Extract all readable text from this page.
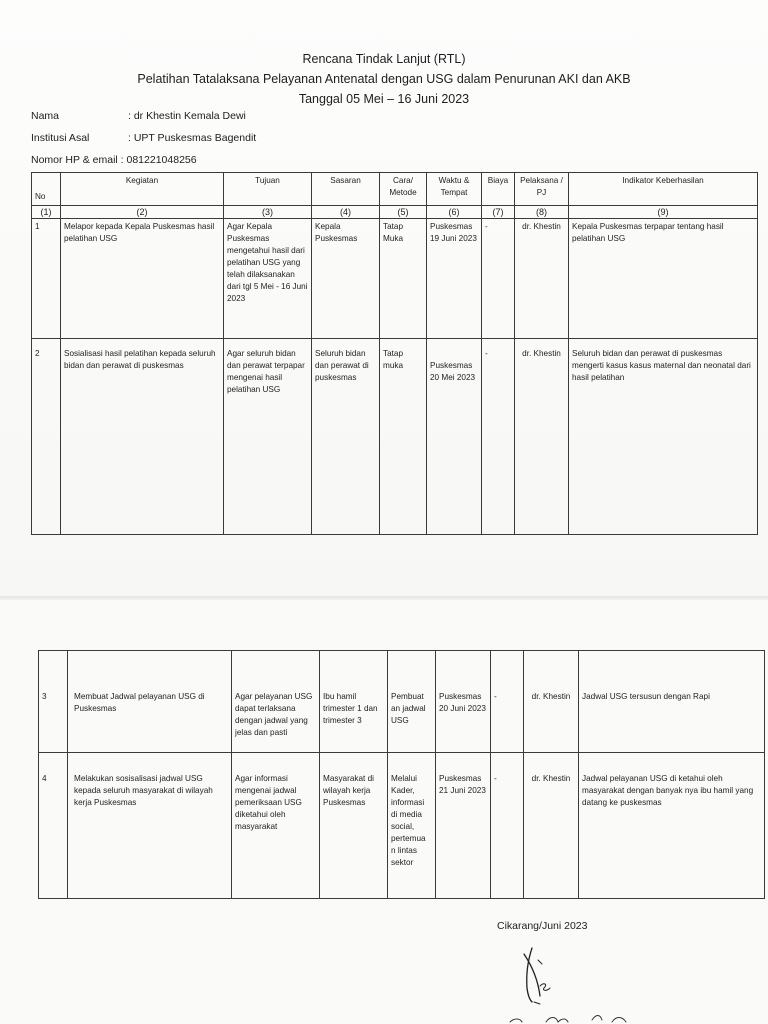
Rencana Tindak Lanjut (RTL)
Pelatihan Tatalaksana Pelayanan Antenatal dengan USG dalam Penurunan AKI dan AKB
Tanggal 05 Mei – 16 Juni 2023
Nama	: dr Khestin Kemala Dewi
Institusi Asal	: UPT Puskesmas Bagendit
Nomor HP & email : 081221048256
No	Kegiatan	Tujuan	Sasaran	Cara/ Metode	Waktu & Tempat	Biaya	Pelaksana / PJ	Indikator Keberhasilan
(1)	(2)	(3)	(4)	(5)	(6)	(7)	(8)	(9)
1	Melapor kepada Kepala Puskesmas hasil pelatihan USG	Agar Kepala Puskesmas mengetahui hasil dari pelatihan USG yang telah dilaksanakan dari tgl 5 Mei - 16 Juni 2023	Kepala Puskesmas	Tatap Muka	Puskesmas 19 Juni 2023	-	dr. Khestin	Kepala Puskesmas terpapar tentang hasil pelatihan USG
2	Sosialisasi hasil pelatihan kepada seluruh bidan dan perawat di puskesmas	Agar seluruh bidan dan perawat terpapar mengenai hasil pelatihan USG	Seluruh bidan dan perawat di puskesmas	Tatap muka	Puskesmas 20 Mei 2023	-	dr. Khestin	Seluruh bidan dan perawat di puskesmas mengerti kasus kasus maternal dan neonatal dari hasil pelatihan
3	Membuat Jadwal pelayanan USG di Puskesmas	Agar pelayanan USG dapat terlaksana dengan jadwal yang jelas dan pasti	Ibu hamil trimester 1 dan trimester 3	Pembuat an jadwal USG	Puskesmas 20 Juni 2023	-	dr. Khestin	Jadwal USG tersusun dengan Rapi
4	Melakukan sosisalisasi jadwal USG kepada seluruh masyarakat di wilayah kerja Puskesmas	Agar informasi mengenai jadwal pemeriksaan USG diketahui oleh masyarakat	Masyarakat di wilayah kerja Puskesmas	Melalui Kader, informasi di media social, pertemua n lintas sektor	Puskesmas 21 Juni 2023	-	dr. Khestin	Jadwal pelayanan USG di ketahui oleh masyarakat dengan banyak nya ibu hamil yang datang ke puskesmas
Cikarang/Juni 2023
